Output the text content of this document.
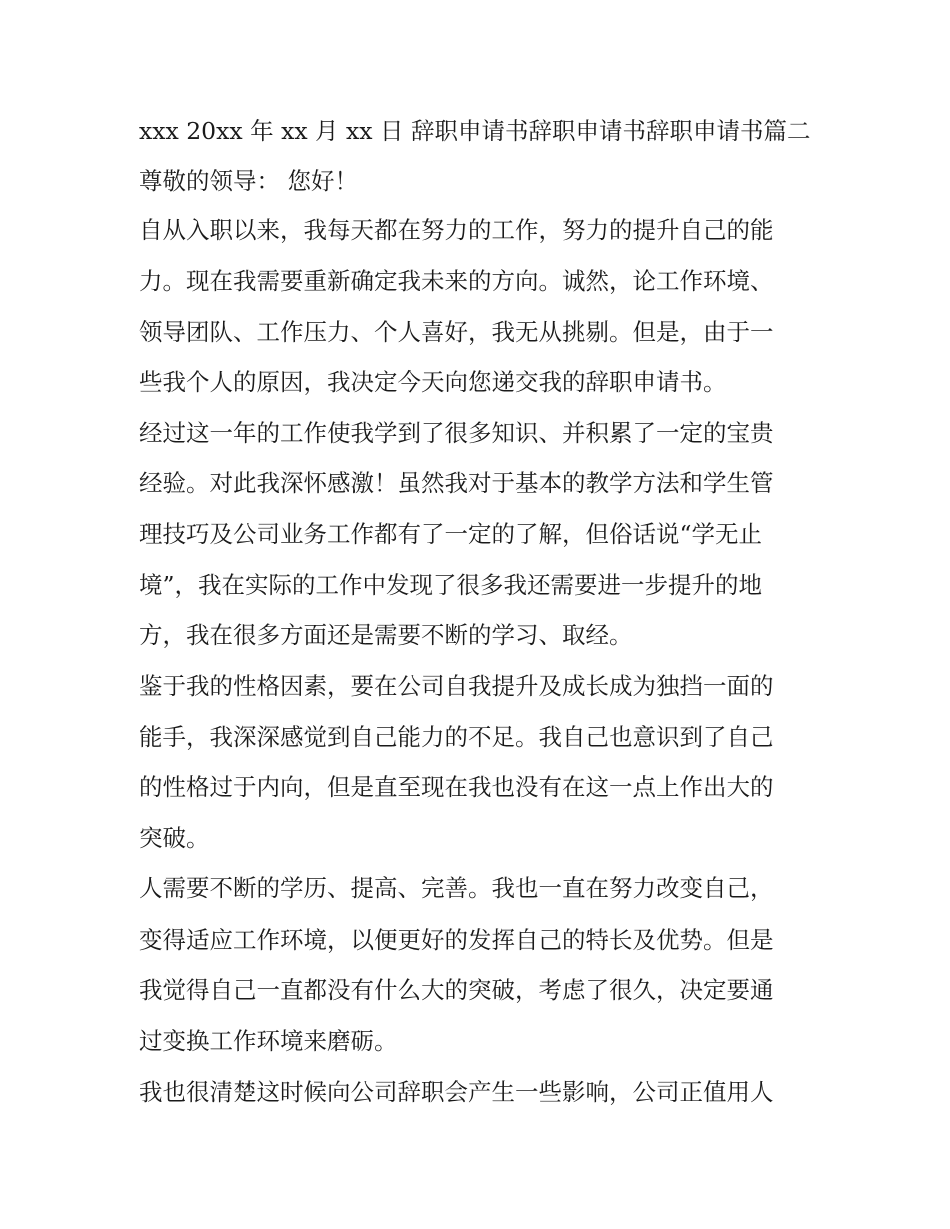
xxx 20xx 年 xx 月 xx 日 辞职申请书辞职申请书辞职申请书篇二

尊敬的领导： 您好！

自从入职以来，我每天都在努力的工作，努力的提升自己的能

力。现在我需要重新确定我未来的方向。诚然，论工作环境、

领导团队、工作压力、个人喜好，我无从挑剔。但是，由于一

些我个人的原因，我决定今天向您递交我的辞职申请书。

经过这一年的工作使我学到了很多知识、并积累了一定的宝贵

经验。对此我深怀感激！虽然我对于基本的教学方法和学生管

理技巧及公司业务工作都有了一定的了解，但俗话说“学无止

境”，我在实际的工作中发现了很多我还需要进一步提升的地

方，我在很多方面还是需要不断的学习、取经。

鉴于我的性格因素，要在公司自我提升及成长成为独挡一面的

能手，我深深感觉到自己能力的不足。我自己也意识到了自己

的性格过于内向，但是直至现在我也没有在这一点上作出大的

突破。

人需要不断的学历、提高、完善。我也一直在努力改变自己，

变得适应工作环境，以便更好的发挥自己的特长及优势。但是

我觉得自己一直都没有什么大的突破，考虑了很久，决定要通

过变换工作环境来磨砺。

我也很清楚这时候向公司辞职会产生一些影响，公司正值用人
